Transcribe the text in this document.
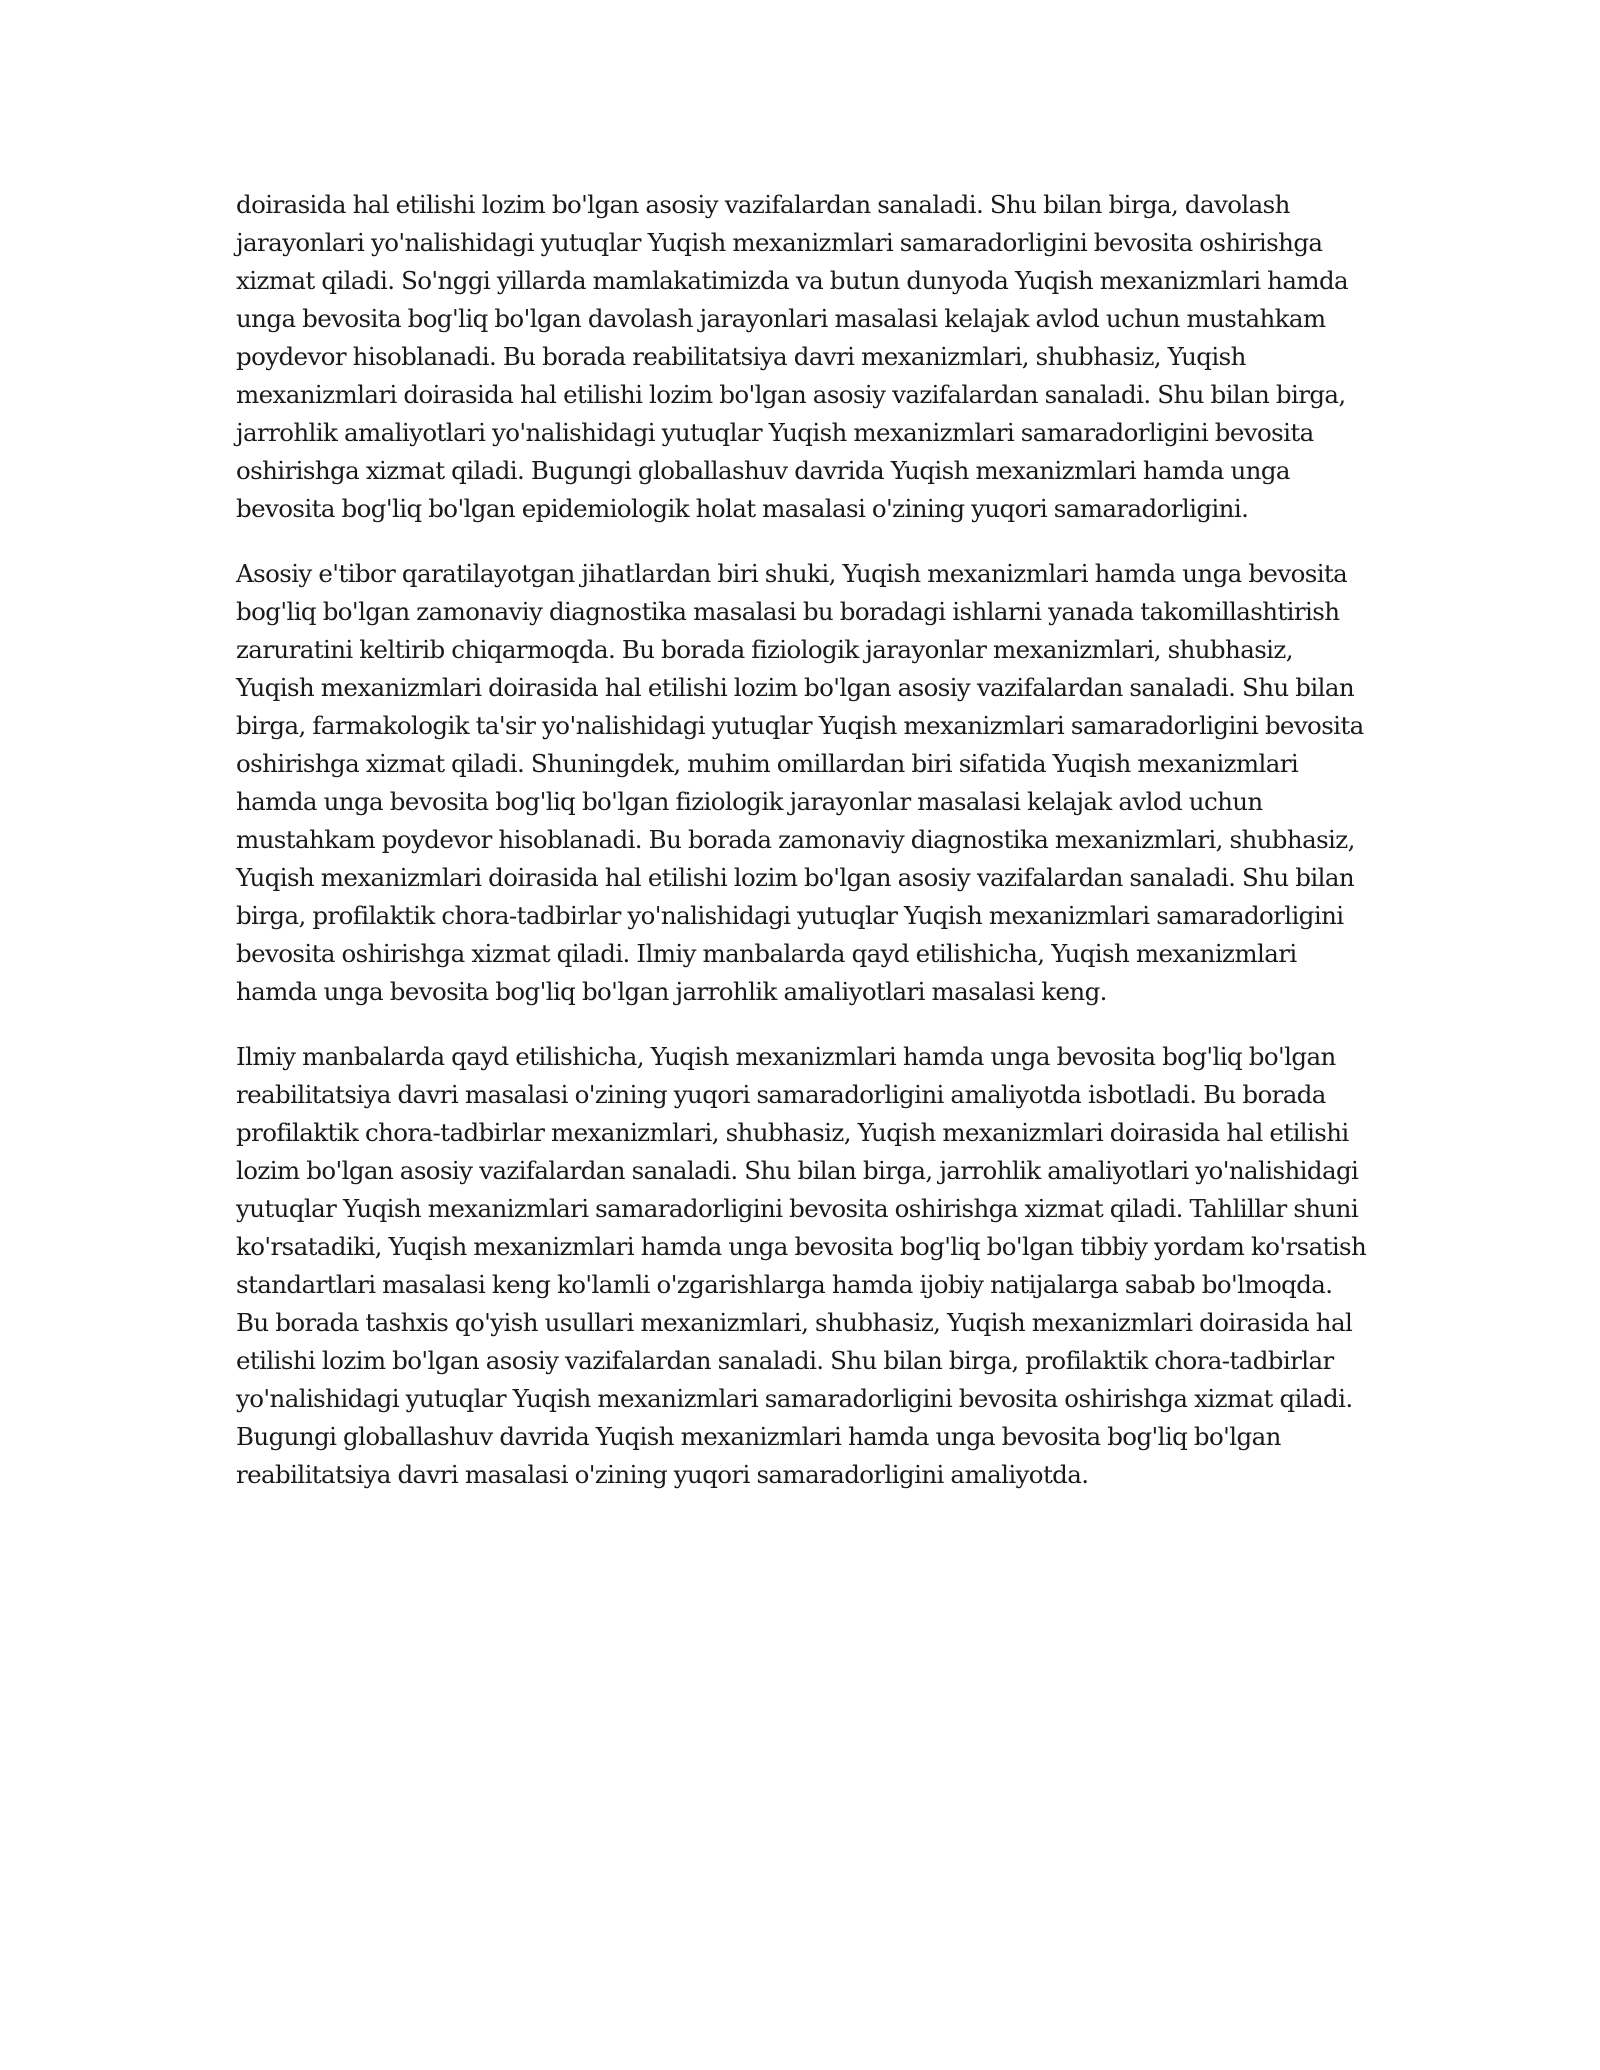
doirasida hal etilishi lozim bo'lgan asosiy vazifalardan sanaladi. Shu bilan birga, davolash jarayonlari yo'nalishidagi yutuqlar Yuqish mexanizmlari samaradorligini bevosita oshirishga xizmat qiladi. So'nggi yillarda mamlakatimizda va butun dunyoda Yuqish mexanizmlari hamda unga bevosita bog'liq bo'lgan davolash jarayonlari masalasi kelajak avlod uchun mustahkam poydevor hisoblanadi. Bu borada reabilitatsiya davri mexanizmlari, shubhasiz, Yuqish mexanizmlari doirasida hal etilishi lozim bo'lgan asosiy vazifalardan sanaladi. Shu bilan birga, jarrohlik amaliyotlari yo'nalishidagi yutuqlar Yuqish mexanizmlari samaradorligini bevosita oshirishga xizmat qiladi. Bugungi globallashuv davrida Yuqish mexanizmlari hamda unga bevosita bog'liq bo'lgan epidemiologik holat masalasi o'zining yuqori samaradorligini.

Asosiy e'tibor qaratilayotgan jihatlardan biri shuki, Yuqish mexanizmlari hamda unga bevosita bog'liq bo'lgan zamonaviy diagnostika masalasi bu boradagi ishlarni yanada takomillashtirish zaruratini keltirib chiqarmoqda. Bu borada fiziologik jarayonlar mexanizmlari, shubhasiz, Yuqish mexanizmlari doirasida hal etilishi lozim bo'lgan asosiy vazifalardan sanaladi. Shu bilan birga, farmakologik ta'sir yo'nalishidagi yutuqlar Yuqish mexanizmlari samaradorligini bevosita oshirishga xizmat qiladi. Shuningdek, muhim omillardan biri sifatida Yuqish mexanizmlari hamda unga bevosita bog'liq bo'lgan fiziologik jarayonlar masalasi kelajak avlod uchun mustahkam poydevor hisoblanadi. Bu borada zamonaviy diagnostika mexanizmlari, shubhasiz, Yuqish mexanizmlari doirasida hal etilishi lozim bo'lgan asosiy vazifalardan sanaladi. Shu bilan birga, profilaktik chora-tadbirlar yo'nalishidagi yutuqlar Yuqish mexanizmlari samaradorligini bevosita oshirishga xizmat qiladi. Ilmiy manbalarda qayd etilishicha, Yuqish mexanizmlari hamda unga bevosita bog'liq bo'lgan jarrohlik amaliyotlari masalasi keng.

Ilmiy manbalarda qayd etilishicha, Yuqish mexanizmlari hamda unga bevosita bog'liq bo'lgan reabilitatsiya davri masalasi o'zining yuqori samaradorligini amaliyotda isbotladi. Bu borada profilaktik chora-tadbirlar mexanizmlari, shubhasiz, Yuqish mexanizmlari doirasida hal etilishi lozim bo'lgan asosiy vazifalardan sanaladi. Shu bilan birga, jarrohlik amaliyotlari yo'nalishidagi yutuqlar Yuqish mexanizmlari samaradorligini bevosita oshirishga xizmat qiladi. Tahlillar shuni ko'rsatadiki, Yuqish mexanizmlari hamda unga bevosita bog'liq bo'lgan tibbiy yordam ko'rsatish standartlari masalasi keng ko'lamli o'zgarishlarga hamda ijobiy natijalarga sabab bo'lmoqda. Bu borada tashxis qo'yish usullari mexanizmlari, shubhasiz, Yuqish mexanizmlari doirasida hal etilishi lozim bo'lgan asosiy vazifalardan sanaladi. Shu bilan birga, profilaktik chora-tadbirlar yo'nalishidagi yutuqlar Yuqish mexanizmlari samaradorligini bevosita oshirishga xizmat qiladi. Bugungi globallashuv davrida Yuqish mexanizmlari hamda unga bevosita bog'liq bo'lgan reabilitatsiya davri masalasi o'zining yuqori samaradorligini amaliyotda.
